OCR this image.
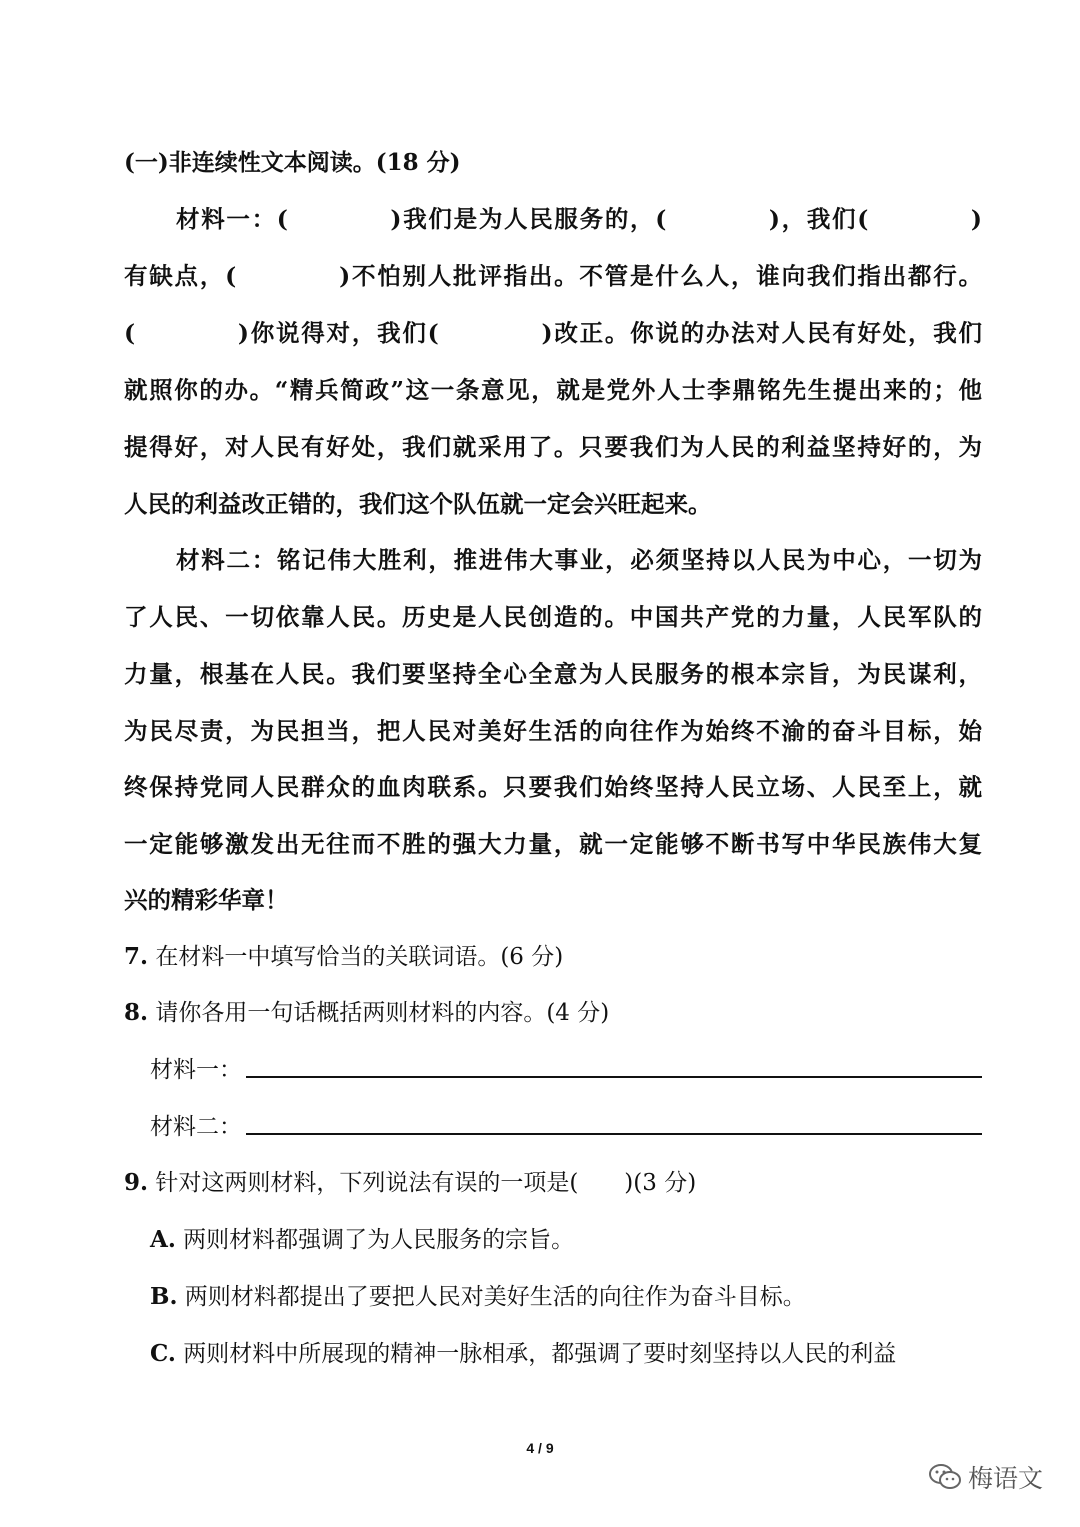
(一)非连续性文本阅读。(18 分)
材料一：(　　　　)我们是为人民服务的，(　　　　)，我们(　　　　)
有缺点，(　　　　)不怕别人批评指出。不管是什么人，谁向我们指出都行。
(　　　　)你说得对，我们(　　　　)改正。你说的办法对人民有好处，我们
就照你的办。“精兵简政”这一条意见，就是党外人士李鼎铭先生提出来的；他
提得好，对人民有好处，我们就采用了。只要我们为人民的利益坚持好的，为
人民的利益改正错的，我们这个队伍就一定会兴旺起来。
材料二：铭记伟大胜利，推进伟大事业，必须坚持以人民为中心，一切为
了人民、一切依靠人民。历史是人民创造的。中国共产党的力量，人民军队的
力量，根基在人民。我们要坚持全心全意为人民服务的根本宗旨，为民谋利，
为民尽责，为民担当，把人民对美好生活的向往作为始终不渝的奋斗目标，始
终保持党同人民群众的血肉联系。只要我们始终坚持人民立场、人民至上，就
一定能够激发出无往而不胜的强大力量，就一定能够不断书写中华民族伟大复
兴的精彩华章！
7. 在材料一中填写恰当的关联词语。(6 分)
8. 请你各用一句话概括两则材料的内容。(4 分)
材料一：
材料二：
9. 针对这两则材料，下列说法有误的一项是(　　)(3 分)
A. 两则材料都强调了为人民服务的宗旨。
B. 两则材料都提出了要把人民对美好生活的向往作为奋斗目标。
C. 两则材料中所展现的精神一脉相承，都强调了要时刻坚持以人民的利益
4 / 9
梅语文
